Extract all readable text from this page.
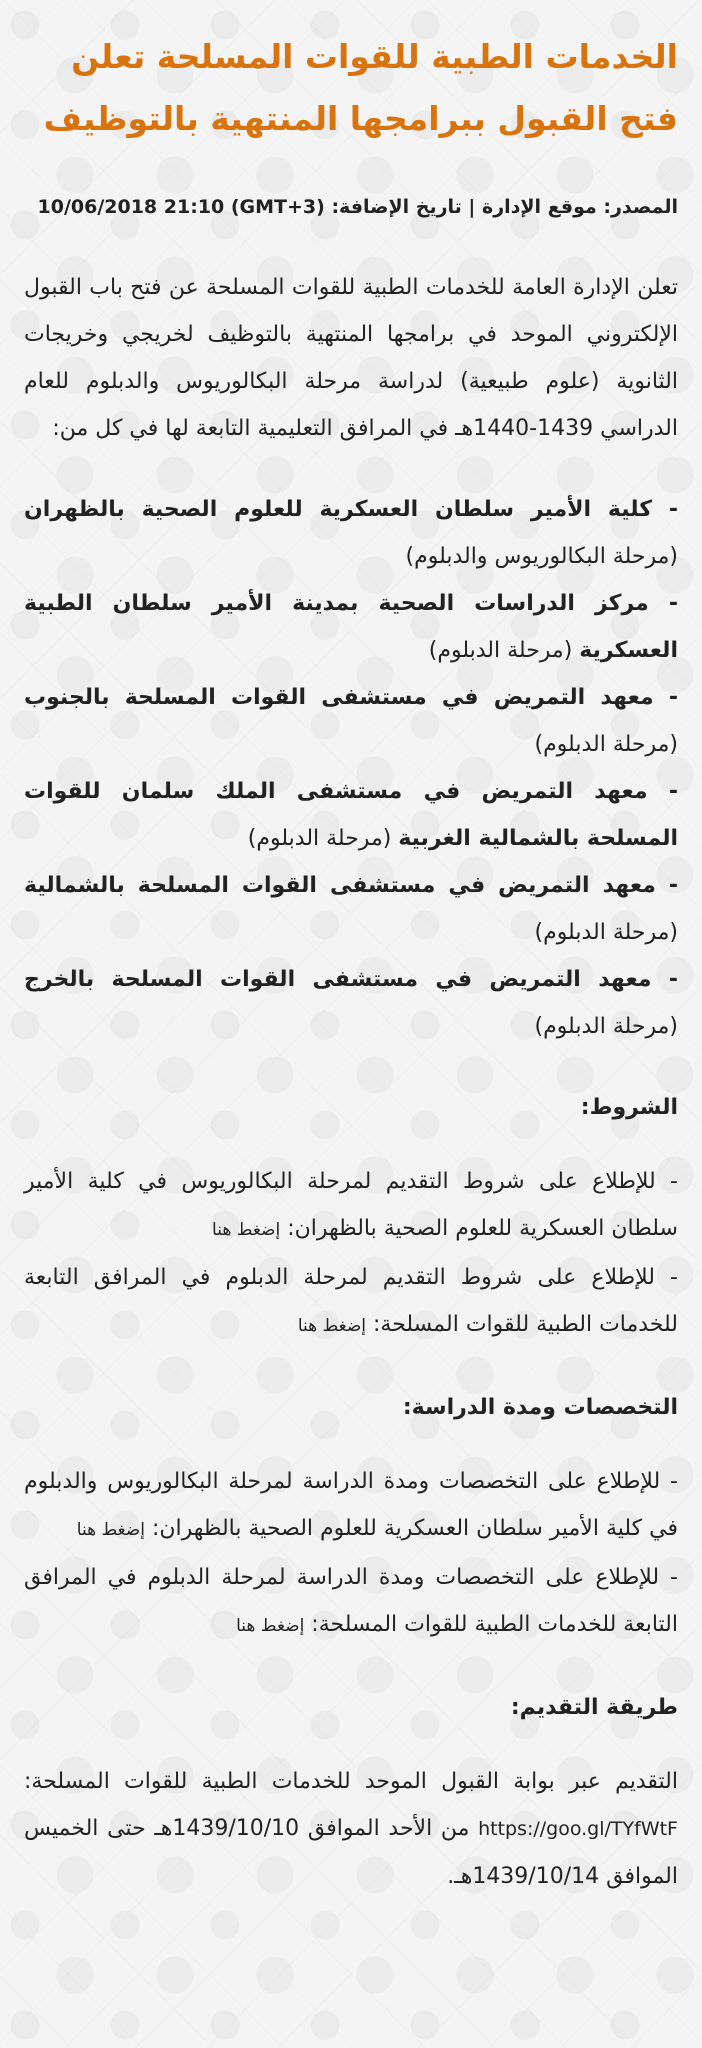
الخدمات الطبية للقوات المسلحة تعلن فتح القبول ببرامجها المنتهية بالتوظيف
المصدر: موقع الإدارة | تاريخ الإضافة: 10/06/2018 21:10 (GMT+3)

تعلن الإدارة العامة للخدمات الطبية للقوات المسلحة عن فتح باب القبول الإلكتروني الموحد في برامجها المنتهية بالتوظيف لخريجي وخريجات الثانوية (علوم طبيعية) لدراسة مرحلة البكالوريوس والدبلوم للعام الدراسي 1439-1440هـ في المرافق التعليمية التابعة لها في كل من:

- كلية الأمير سلطان العسكرية للعلوم الصحية بالظهران (مرحلة البكالوريوس والدبلوم)

- مركز الدراسات الصحية بمدينة الأمير سلطان الطبية العسكرية (مرحلة الدبلوم)

- معهد التمريض في مستشفى القوات المسلحة بالجنوب (مرحلة الدبلوم)

- معهد التمريض في مستشفى الملك سلمان للقوات المسلحة بالشمالية الغربية (مرحلة الدبلوم)

- معهد التمريض في مستشفى القوات المسلحة بالشمالية (مرحلة الدبلوم)

- معهد التمريض في مستشفى القوات المسلحة بالخرج (مرحلة الدبلوم)

الشروط:

- للإطلاع على شروط التقديم لمرحلة البكالوريوس في كلية الأمير سلطان العسكرية للعلوم الصحية بالظهران: إضغط هنا

- للإطلاع على شروط التقديم لمرحلة الدبلوم في المرافق التابعة للخدمات الطبية للقوات المسلحة: إضغط هنا

التخصصات ومدة الدراسة:

- للإطلاع على التخصصات ومدة الدراسة لمرحلة البكالوريوس والدبلوم في كلية الأمير سلطان العسكرية للعلوم الصحية بالظهران: إضغط هنا

- للإطلاع على التخصصات ومدة الدراسة لمرحلة الدبلوم في المرافق التابعة للخدمات الطبية للقوات المسلحة: إضغط هنا

طريقة التقديم:

التقديم عبر بوابة القبول الموحد للخدمات الطبية للقوات المسلحة: https://goo.gl/TYfWtF من الأحد الموافق 1439/10/10هـ حتى الخميس الموافق 1439/10/14هـ.
